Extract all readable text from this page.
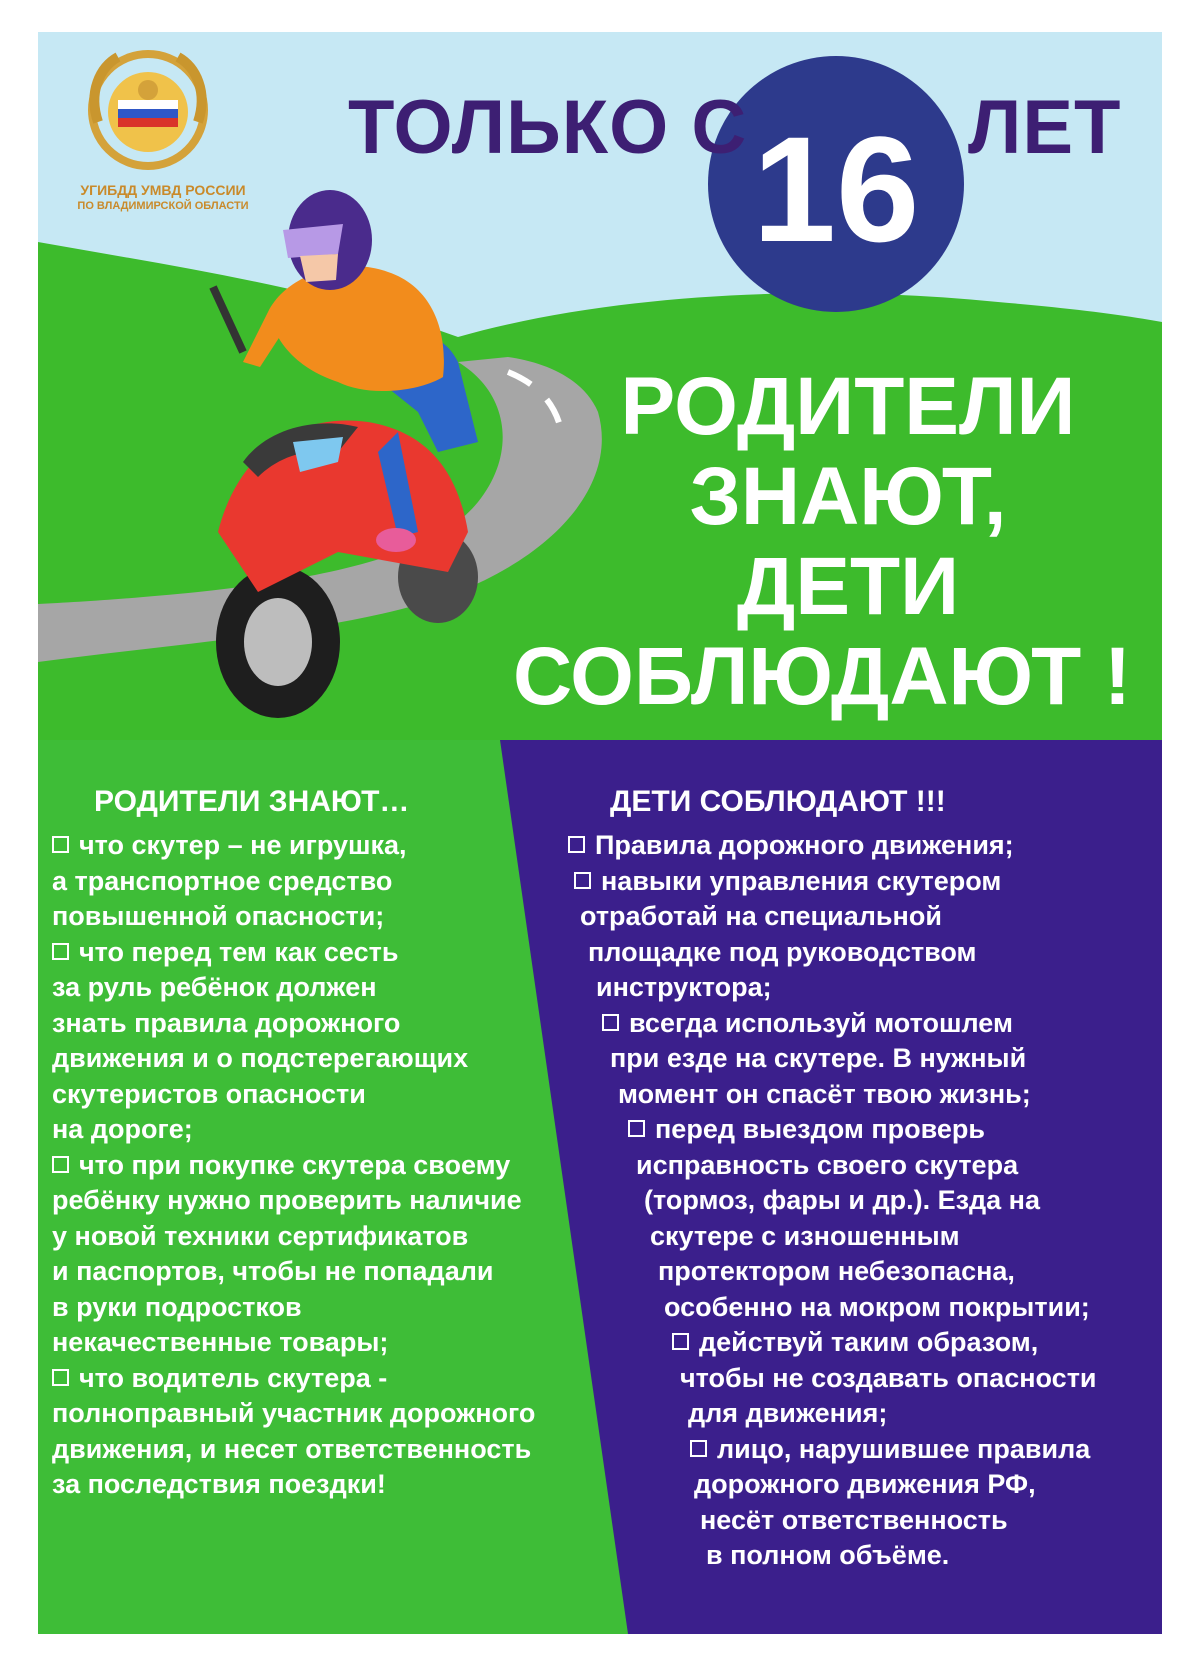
УГИБДД УМВД РОССИИ
ПО ВЛАДИМИРСКОЙ ОБЛАСТИ
ТОЛЬКО С 16 ЛЕТ
РОДИТЕЛИ
ЗНАЮТ,
ДЕТИ
СОБЛЮДАЮТ !
РОДИТЕЛИ ЗНАЮТ…
что скутер – не игрушка,
а транспортное средство
повышенной опасности;
что перед тем как сесть
за руль ребёнок должен
знать правила дорожного
движения и о подстерегающих
скутеристов опасности
на дороге;
что при покупке скутера своему
ребёнку нужно проверить наличие
у новой техники сертификатов
и паспортов, чтобы не попадали
в руки подростков
некачественные товары;
что водитель скутера -
полноправный участник дорожного
движения, и несет ответственность
за последствия поездки!
ДЕТИ СОБЛЮДАЮТ !!!
Правила дорожного движения;
навыки управления скутером
отработай на специальной
площадке под руководством
инструктора;
всегда используй мотошлем
при езде на скутере. В нужный
момент он спасёт твою жизнь;
перед выездом проверь
исправность своего скутера
(тормоз, фары и др.). Езда на
скутере с изношенным
протектором небезопасна,
особенно на мокром покрытии;
действуй таким образом,
чтобы не создавать опасности
для движения;
лицо, нарушившее правила
дорожного движения РФ,
несёт ответственность
в полном объёме.
